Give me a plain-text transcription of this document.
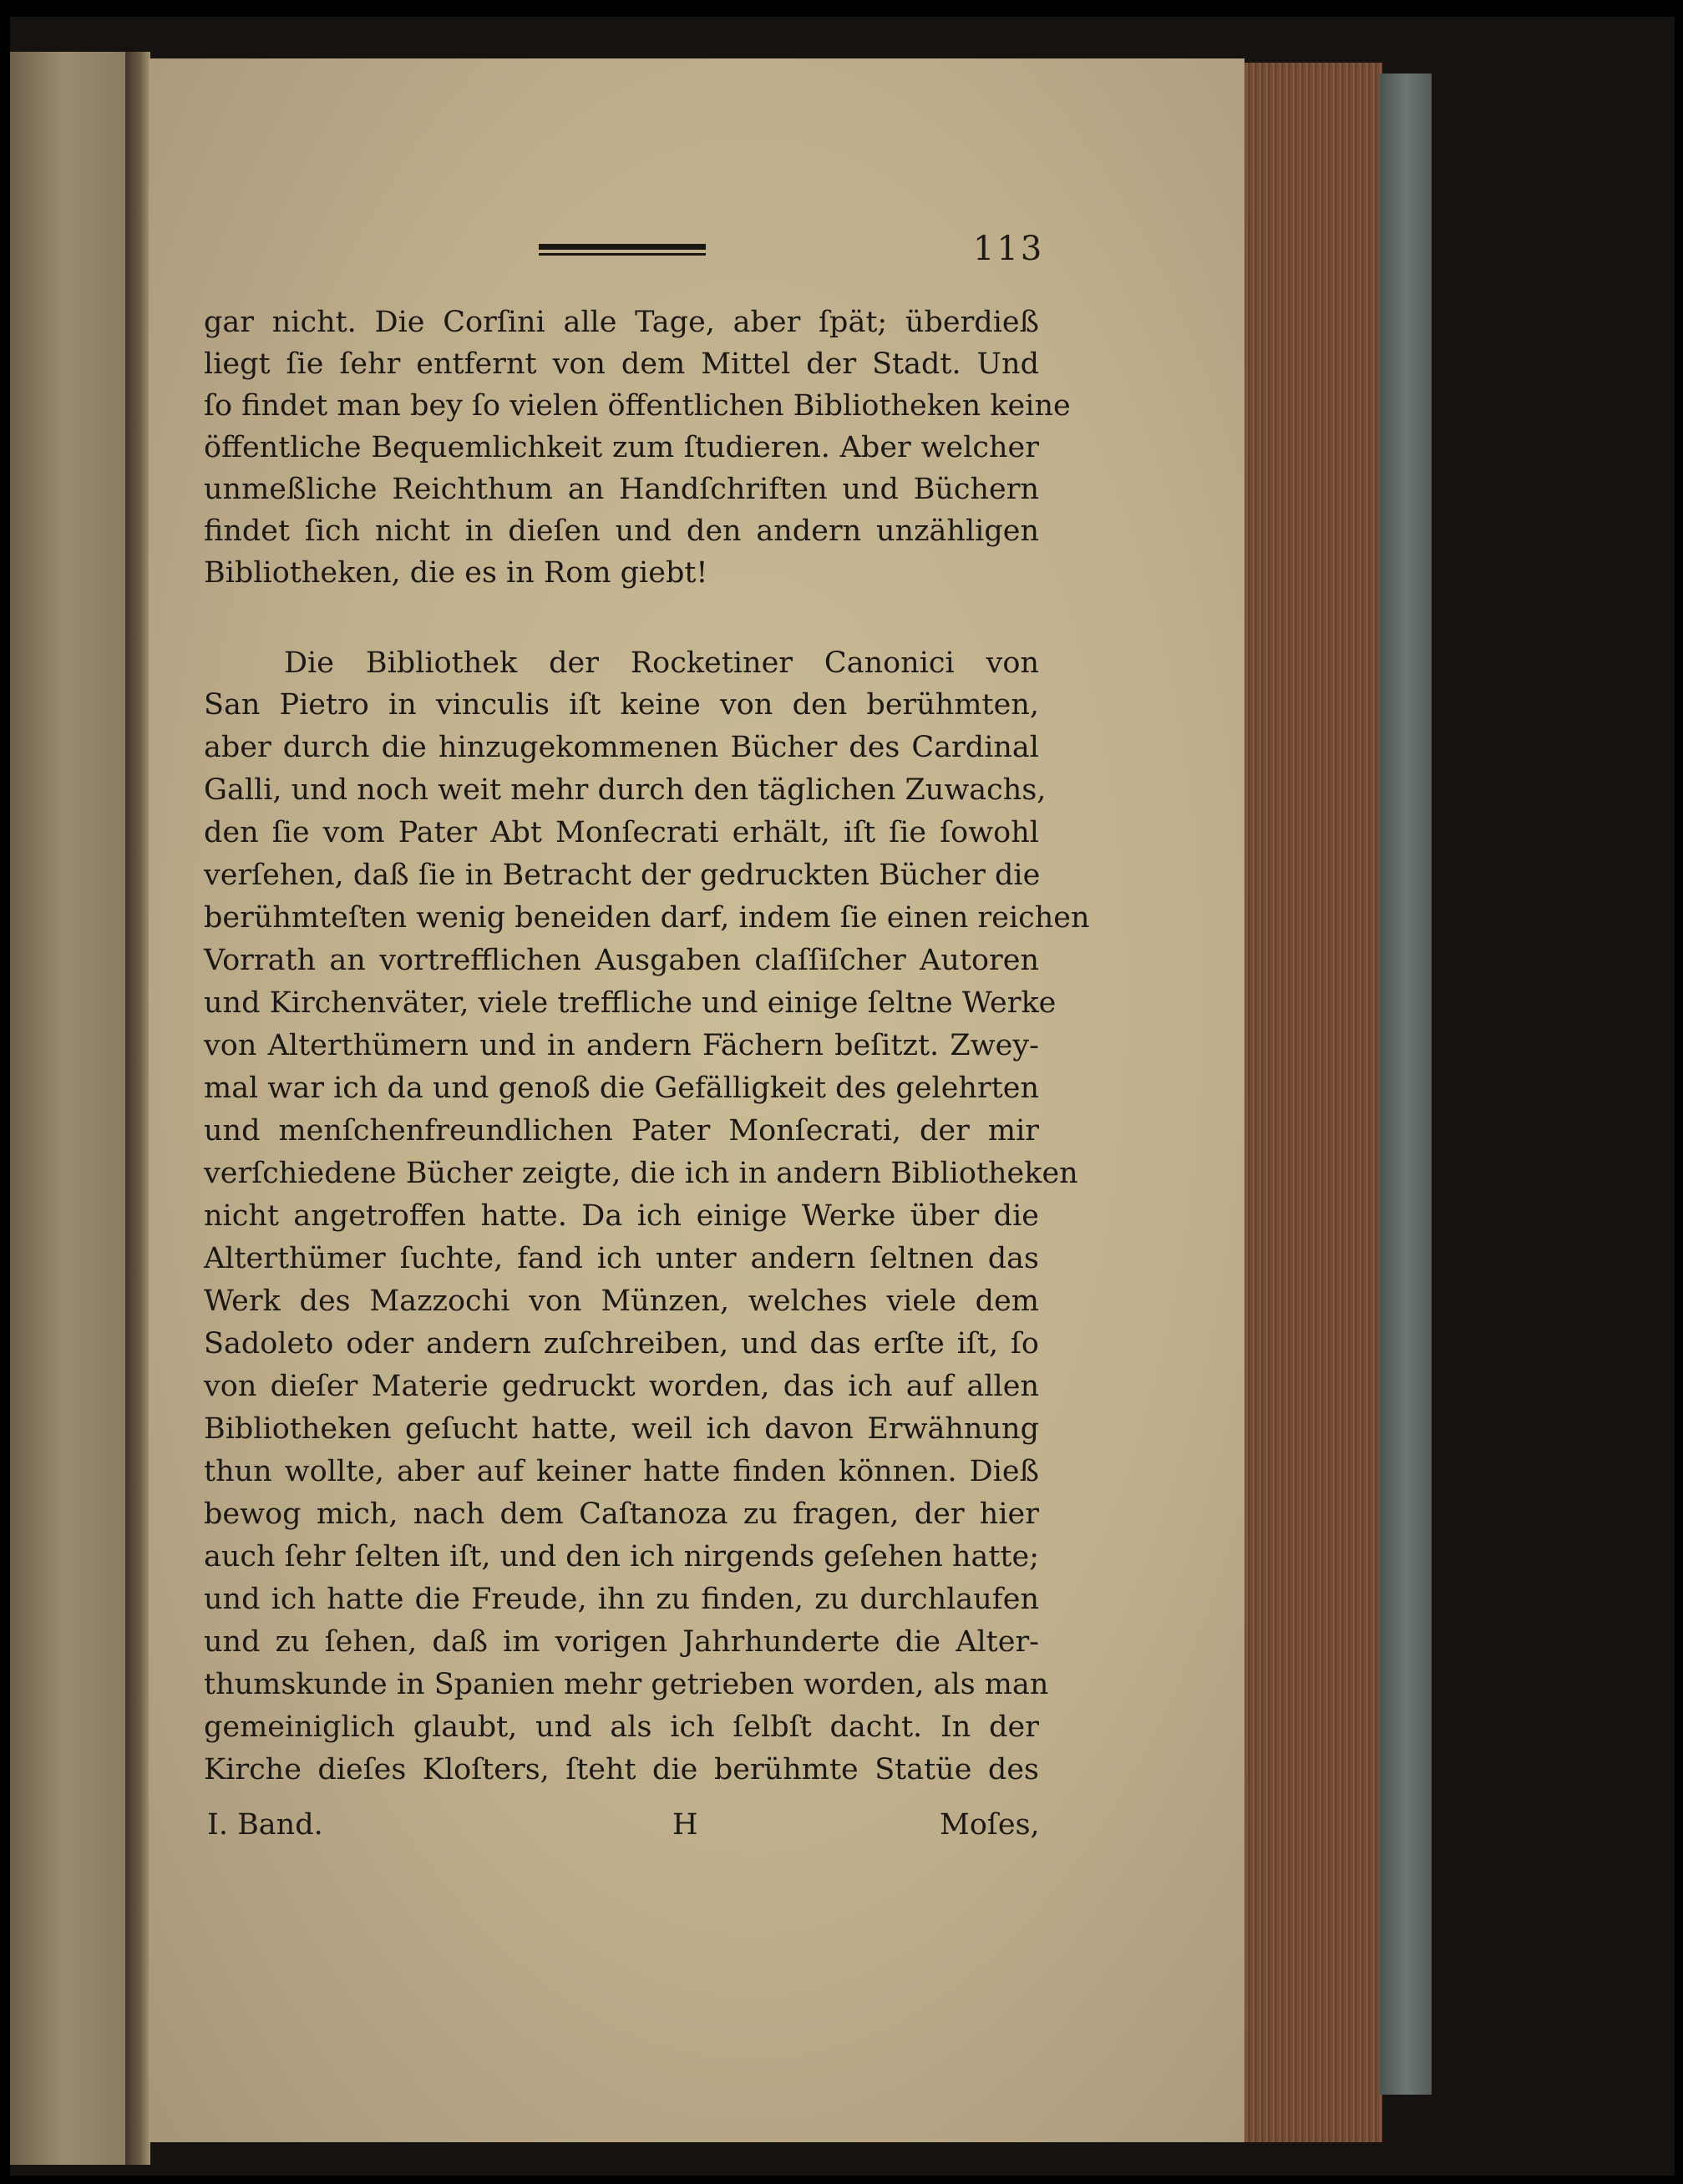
113
gar nicht. Die Corſini alle Tage, aber ſpät; überdieß
liegt ſie ſehr entfernt von dem Mittel der Stadt. Und
ſo findet man bey ſo vielen öffentlichen Bibliotheken keine
öffentliche Bequemlichkeit zum ſtudieren. Aber welcher
unmeßliche Reichthum an Handſchriften und Büchern
findet ſich nicht in dieſen und den andern unzähligen
Bibliotheken, die es in Rom giebt!
Die Bibliothek der Rocketiner Canonici von
San Pietro in vinculis iſt keine von den berühmten,
aber durch die hinzugekommenen Bücher des Cardinal
Galli, und noch weit mehr durch den täglichen Zuwachs,
den ſie vom Pater Abt Monſecrati erhält, iſt ſie ſowohl
verſehen, daß ſie in Betracht der gedruckten Bücher die
berühmteſten wenig beneiden darf, indem ſie einen reichen
Vorrath an vortrefflichen Ausgaben claſſiſcher Autoren
und Kirchenväter, viele treffliche und einige ſeltne Werke
von Alterthümern und in andern Fächern beſitzt. Zwey-
mal war ich da und genoß die Gefälligkeit des gelehrten
und menſchenfreundlichen Pater Monſecrati, der mir
verſchiedene Bücher zeigte, die ich in andern Bibliotheken
nicht angetroffen hatte. Da ich einige Werke über die
Alterthümer ſuchte, fand ich unter andern ſeltnen das
Werk des Mazzochi von Münzen, welches viele dem
Sadoleto oder andern zuſchreiben, und das erſte iſt, ſo
von dieſer Materie gedruckt worden, das ich auf allen
Bibliotheken geſucht hatte, weil ich davon Erwähnung
thun wollte, aber auf keiner hatte finden können. Dieß
bewog mich, nach dem Caſtanoza zu fragen, der hier
auch ſehr ſelten iſt, und den ich nirgends geſehen hatte;
und ich hatte die Freude, ihn zu finden, zu durchlaufen
und zu ſehen, daß im vorigen Jahrhunderte die Alter-
thumskunde in Spanien mehr getrieben worden, als man
gemeiniglich glaubt, und als ich ſelbſt dacht. In der
Kirche dieſes Kloſters, ſteht die berühmte Statüe des
I. Band.	H	Moſes,
